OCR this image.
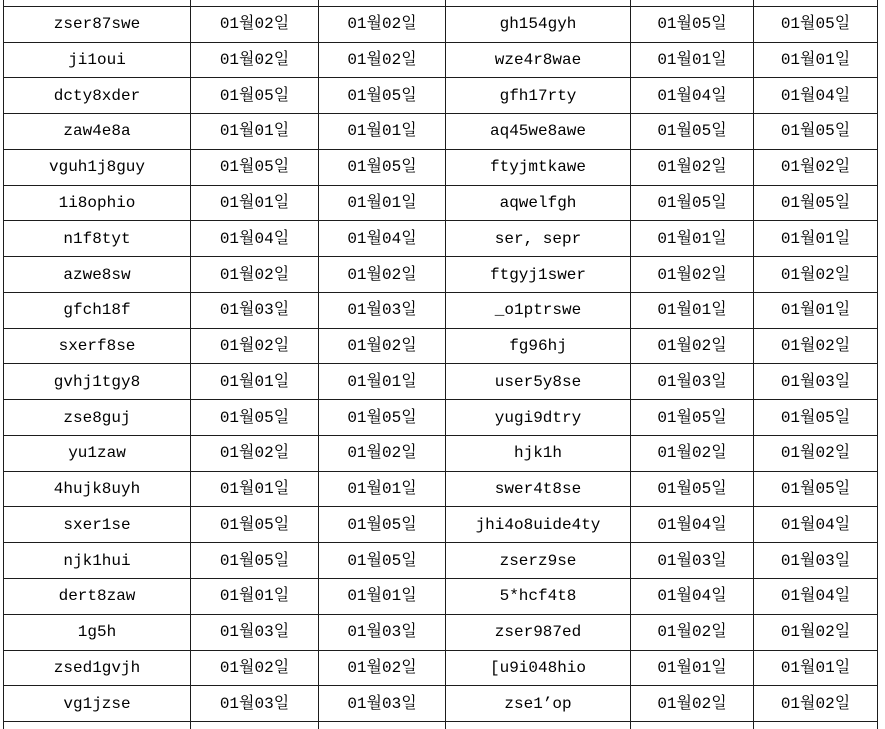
zser87swe	01월02일	01월02일	gh154gyh	01월05일	01월05일
ji1oui	01월02일	01월02일	wze4r8wae	01월01일	01월01일
dcty8xder	01월05일	01월05일	gfh17rty	01월04일	01월04일
zaw4e8a	01월01일	01월01일	aq45we8awe	01월05일	01월05일
vguh1j8guy	01월05일	01월05일	ftyjmtkawe	01월02일	01월02일
1i8ophio	01월01일	01월01일	aqwelfgh	01월05일	01월05일
n1f8tyt	01월04일	01월04일	ser, sepr	01월01일	01월01일
azwe8sw	01월02일	01월02일	ftgyj1swer	01월02일	01월02일
gfch18f	01월03일	01월03일	_o1ptrswe	01월01일	01월01일
sxerf8se	01월02일	01월02일	fg96hj	01월02일	01월02일
gvhj1tgy8	01월01일	01월01일	user5y8se	01월03일	01월03일
zse8guj	01월05일	01월05일	yugi9dtry	01월05일	01월05일
yu1zaw	01월02일	01월02일	hjk1h	01월02일	01월02일
4hujk8uyh	01월01일	01월01일	swer4t8se	01월05일	01월05일
sxer1se	01월05일	01월05일	jhi4o8uide4ty	01월04일	01월04일
njk1hui	01월05일	01월05일	zserz9se	01월03일	01월03일
dert8zaw	01월01일	01월01일	5*hcf4t8	01월04일	01월04일
1g5h	01월03일	01월03일	zser987ed	01월02일	01월02일
zsed1gvjh	01월02일	01월02일	[u9i048hio	01월01일	01월01일
vg1jzse	01월03일	01월03일	zse1’op	01월02일	01월02일
